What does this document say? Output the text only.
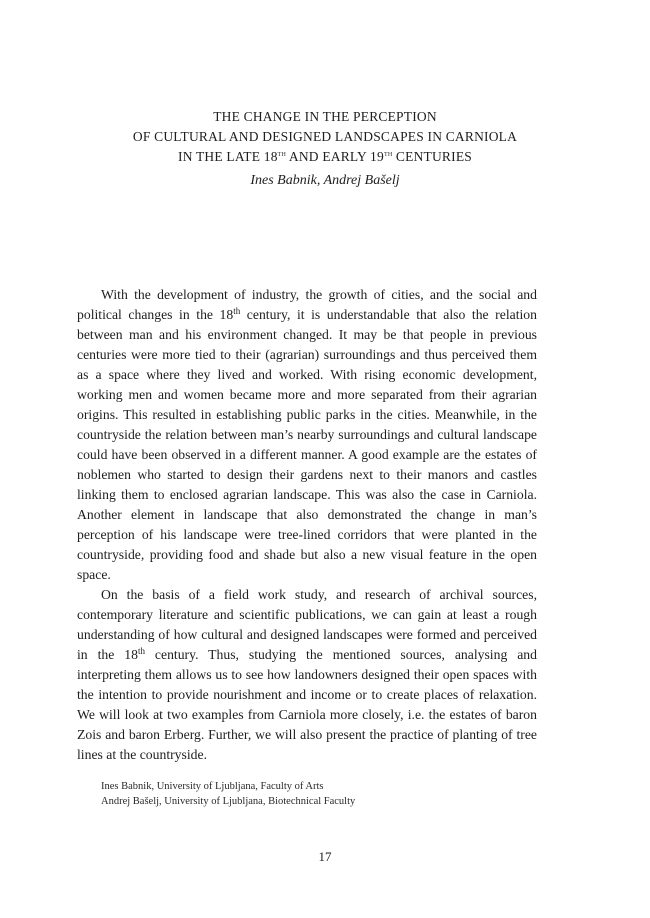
THE CHANGE IN THE PERCEPTION
OF CULTURAL AND DESIGNED LANDSCAPES IN CARNIOLA
IN THE LATE 18th AND EARLY 19th CENTURIES
Ines Babnik, Andrej Bašelj

With the development of industry, the growth of cities, and the social and political changes in the 18th century, it is understandable that also the relation between man and his environment changed. It may be that people in previous centuries were more tied to their (agrarian) surroundings and thus perceived them as a space where they lived and worked. With rising economic development, working men and women became more and more separated from their agrarian origins. This resulted in establishing public parks in the cities. Meanwhile, in the countryside the relation between man’s nearby surroundings and cultural landscape could have been observed in a different manner. A good example are the estates of noblemen who started to design their gardens next to their manors and castles linking them to enclosed agrarian landscape. This was also the case in Carniola. Another element in landscape that also demonstrated the change in man’s perception of his landscape were tree-lined corridors that were planted in the countryside, providing food and shade but also a new visual feature in the open space.

On the basis of a field work study, and research of archival sources, contemporary literature and scientific publications, we can gain at least a rough understanding of how cultural and designed landscapes were formed and perceived in the 18th century. Thus, studying the mentioned sources, analysing and interpreting them allows us to see how landowners designed their open spaces with the intention to provide nourishment and income or to create places of relaxation. We will look at two examples from Carniola more closely, i.e. the estates of baron Zois and baron Erberg. Further, we will also present the practice of planting of tree lines at the countryside.

Ines Babnik, University of Ljubljana, Faculty of Arts
Andrej Bašelj, University of Ljubljana, Biotechnical Faculty
17
